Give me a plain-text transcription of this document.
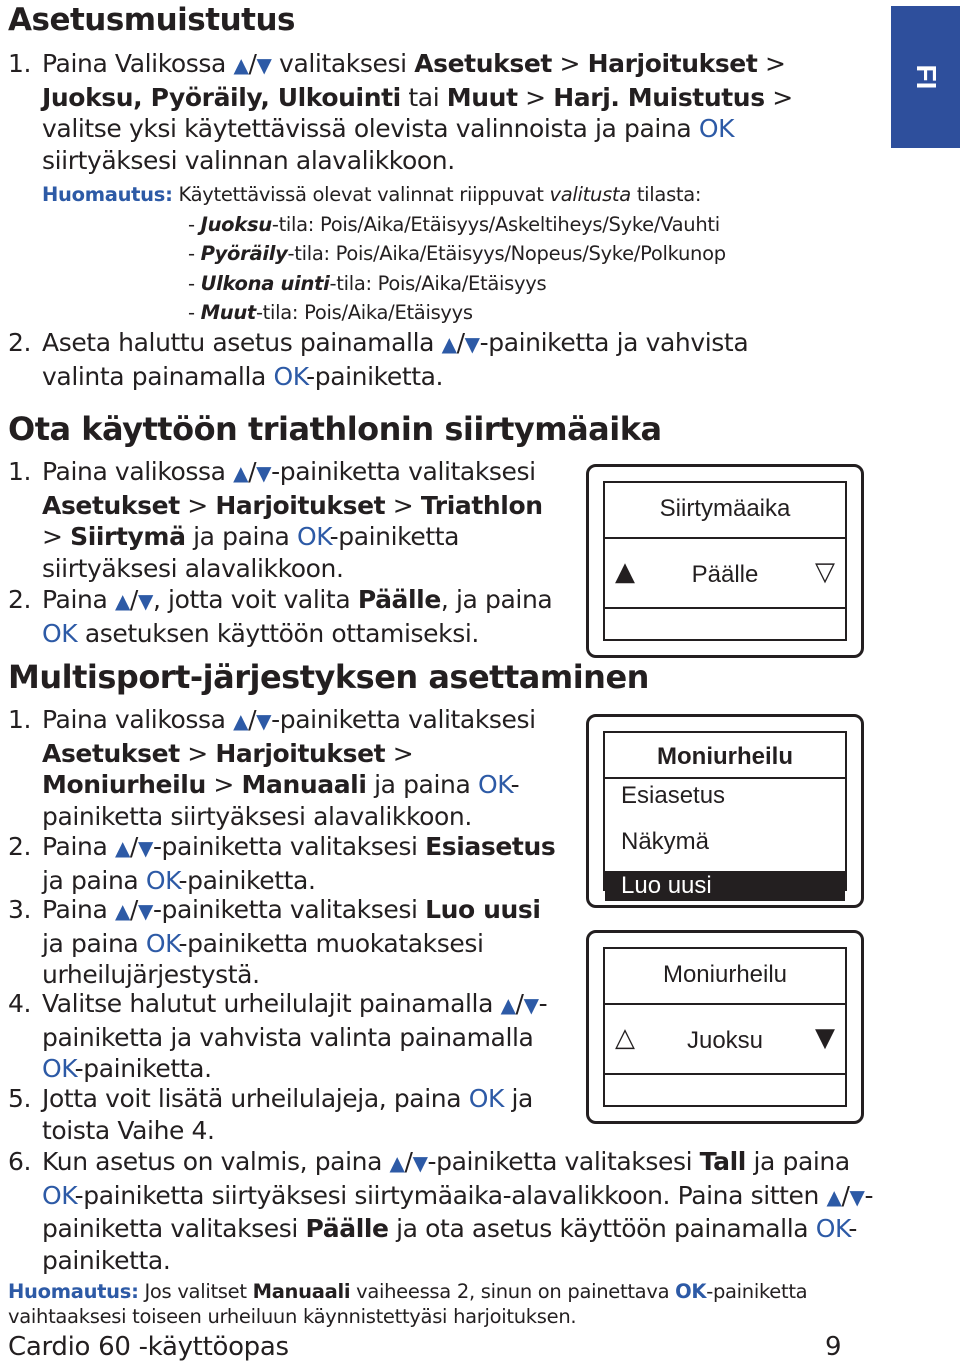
FI
Asetusmuistutus

1. Paina Valikossa ▲/▼ valitaksesi Asetukset > Harjoitukset > Juoksu, Pyöräily, Ulkouinti tai Muut > Harj. Muistutus > valitse yksi käytettävissä olevista valinnoista ja paina OK siirtyäksesi valinnan alavalikkoon.

Huomautus: Käytettävissä olevat valinnat riippuvat valitusta tilasta:
- Juoksu-tila: Pois/Aika/Etäisyys/Askeltiheys/Syke/Vauhti
- Pyöräily-tila: Pois/Aika/Etäisyys/Nopeus/Syke/Polkunop
- Ulkona uinti-tila: Pois/Aika/Etäisyys
- Muut-tila: Pois/Aika/Etäisyys

2. Aseta haluttu asetus painamalla ▲/▼-painiketta ja vahvista valinta painamalla OK-painiketta.

Ota käyttöön triathlonin siirtymäaika

1. Paina valikossa ▲/▼-painiketta valitaksesi Asetukset > Harjoitukset > Triathlon > Siirtymä ja paina OK-painiketta siirtyäksesi alavalikkoon.

2. Paina ▲/▼, jotta voit valita Päälle, ja paina OK asetuksen käyttöön ottamiseksi.

Siirtymäaika
▲	Päälle	▽
Multisport-järjestyksen asettaminen

1. Paina valikossa ▲/▼-painiketta valitaksesi Asetukset > Harjoitukset > Moniurheilu > Manuaali ja paina OK-painiketta siirtyäksesi alavalikkoon.

2. Paina ▲/▼-painiketta valitaksesi Esiasetus ja paina OK-painiketta.

3. Paina ▲/▼-painiketta valitaksesi Luo uusi ja paina OK-painiketta muokataksesi urheilujärjestystä.

4. Valitse halutut urheilulajit painamalla ▲/▼-painiketta ja vahvista valinta painamalla OK-painiketta.

5. Jotta voit lisätä urheilulajeja, paina OK ja toista Vaihe 4.

6. Kun asetus on valmis, paina ▲/▼-painiketta valitaksesi Tall ja paina OK-painiketta siirtyäksesi siirtymäaika-alavalikkoon. Paina sitten ▲/▼-painiketta valitaksesi Päälle ja ota asetus käyttöön painamalla OK-painiketta.

Moniurheilu
Esiasetus
Näkymä
Luo uusi
Moniurheilu
△	Juoksu	▼
Huomautus: Jos valitset Manuaali vaiheessa 2, sinun on painettava OK-painiketta vaihtaaksesi toiseen urheiluun käynnistettyäsi harjoituksen.
Cardio 60 -käyttöopas	9
